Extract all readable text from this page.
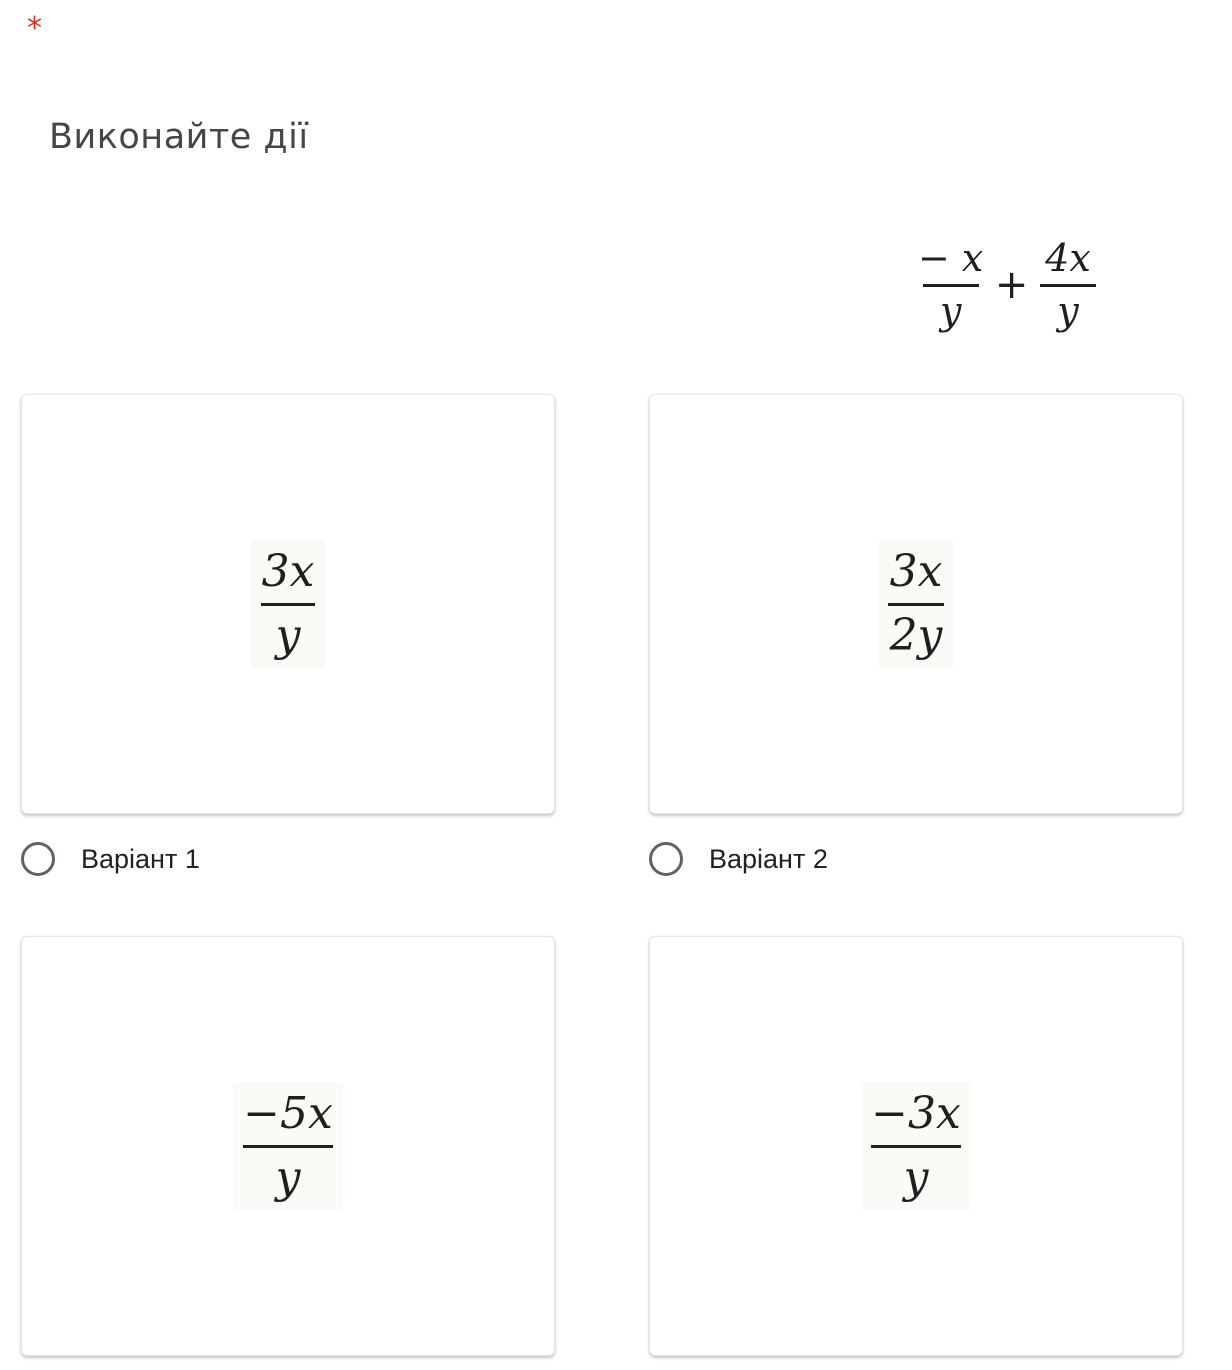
*
Виконайте дії
$\frac{- x}{y} + \frac{4x}{y}$
$\frac{3x}{y}$
Варіант 1
$\frac{3x}{2y}$
Варіант 2
$\frac{-5x}{y}$	$\frac{-3x}{y}$
